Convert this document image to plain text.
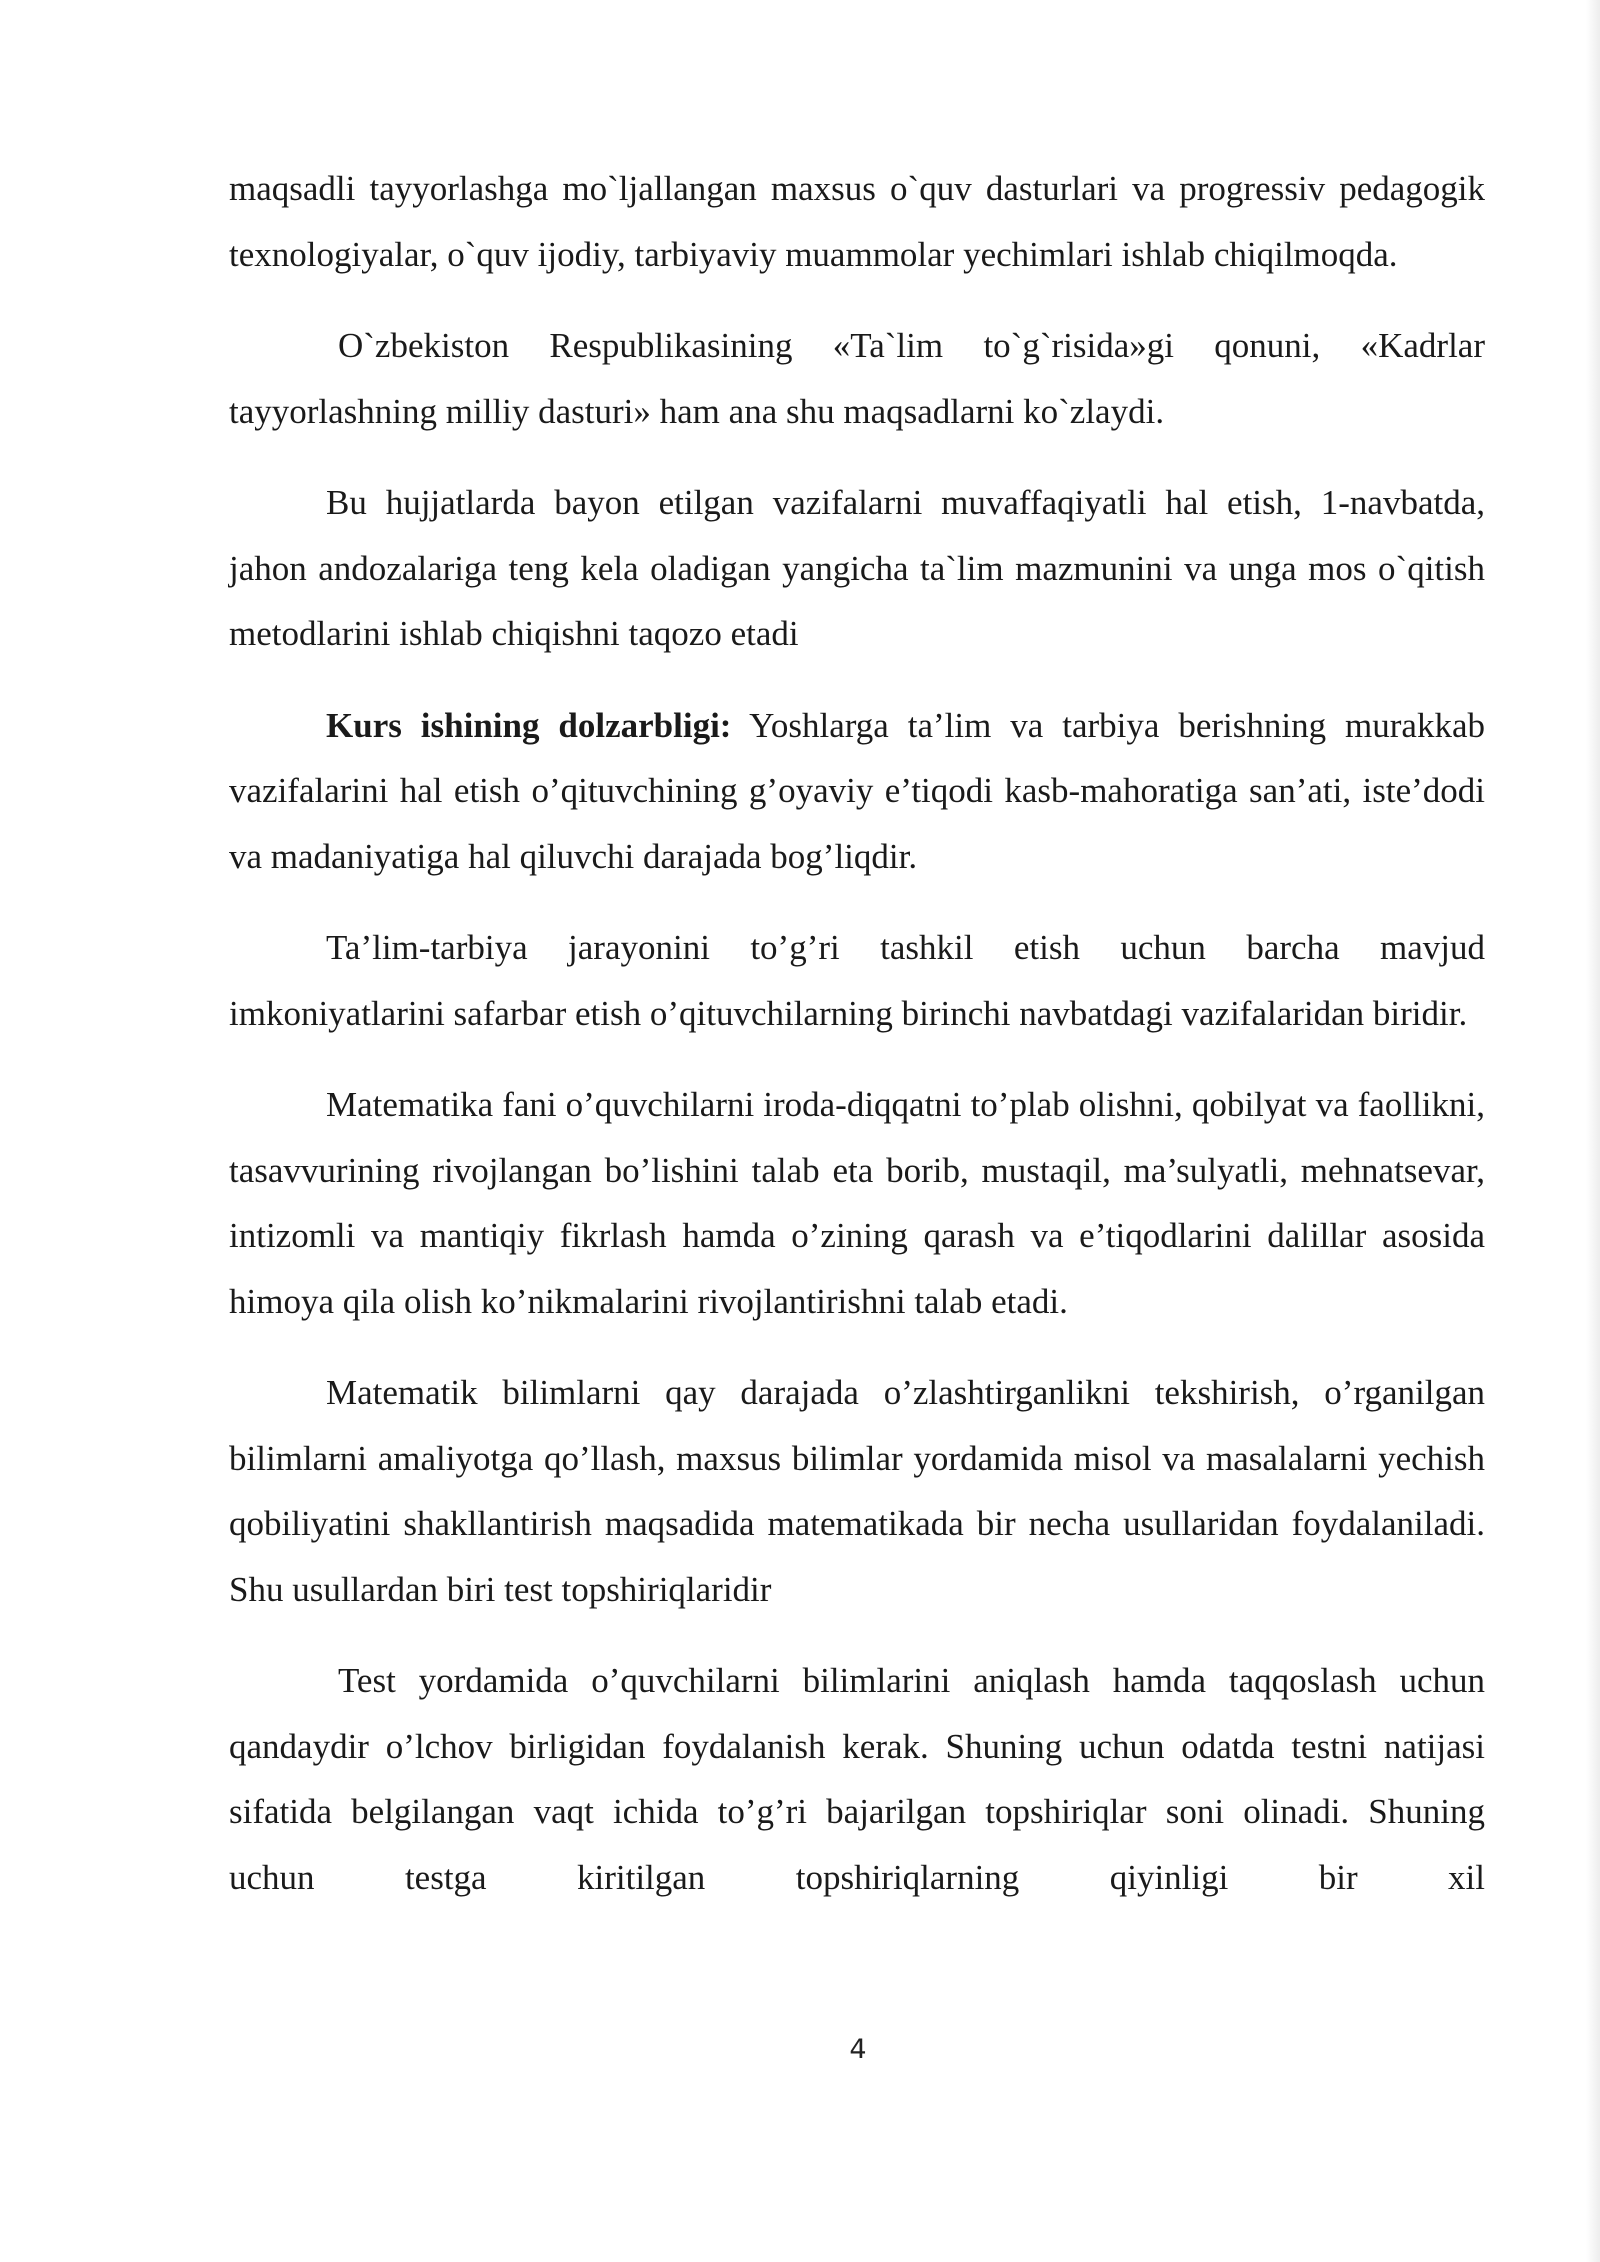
maqsadli tayyorlashga mo`ljallangan maxsus o`quv dasturlari va progressiv pedagogik texnologiyalar, o`quv ijodiy, tarbiyaviy muammolar yechimlari ishlab chiqilmoqda.

O`zbekiston Respublikasining «Ta`lim to`g`risida»gi qonuni, «Kadrlar tayyorlashning milliy dasturi» ham ana shu maqsadlarni ko`zlaydi.

Bu hujjatlarda bayon etilgan vazifalarni muvaffaqiyatli hal etish, 1-navbatda, jahon andozalariga teng kela oladigan yangicha ta`lim mazmunini va unga mos o`qitish metodlarini ishlab chiqishni taqozo etadi

Kurs ishining dolzarbligi: Yoshlarga ta’lim va tarbiya berishning murakkab vazifalarini hal etish o’qituvchining g’oyaviy e’tiqodi kasb-mahoratiga san’ati, iste’dodi va madaniyatiga hal qiluvchi darajada bog’liqdir.

Ta’lim-tarbiya jarayonini to’g’ri tashkil etish uchun barcha mavjud imkoniyatlarini safarbar etish o’qituvchilarning birinchi navbatdagi vazifalaridan biridir.

Matematika fani o’quvchilarni iroda-diqqatni to’plab olishni, qobilyat va faollikni, tasavvurining rivojlangan bo’lishini talab eta borib, mustaqil, ma’sulyatli, mehnatsevar, intizomli va mantiqiy fikrlash hamda o’zining qarash va e’tiqodlarini dalillar asosida himoya qila olish ko’nikmalarini rivojlantirishni talab etadi.

Matematik bilimlarni qay darajada o’zlashtirganlikni tekshirish, o’rganilgan bilimlarni amaliyotga qo’llash, maxsus bilimlar yordamida misol va masalalarni yechish qobiliyatini shakllantirish maqsadida matematikada bir necha usullaridan foydalaniladi. Shu usullardan biri test topshiriqlaridir

Test yordamida o’quvchilarni bilimlarini aniqlash hamda taqqoslash uchun qandaydir o’lchov birligidan foydalanish kerak. Shuning uchun odatda testni natijasi sifatida belgilangan vaqt ichida to’g’ri bajarilgan topshiriqlar soni olinadi. Shuning uchun testga kiritilgan topshiriqlarning qiyinligi bir xil

4
